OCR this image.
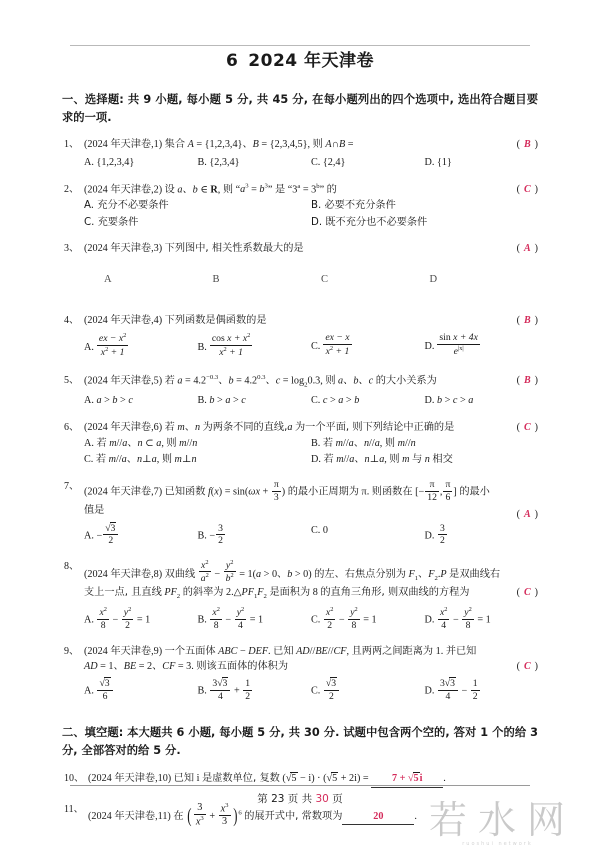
6 2024 年天津卷
一、选择题: 共 9 小题, 每小题 5 分, 共 45 分, 在每小题列出的四个选项中, 选出符合题目要求的一项.
1、 (2024 年天津卷,1) 集合 A = {1,2,3,4}、B = {2,3,4,5}, 则 A∩B =	( B )
A. {1,2,3,4}	B. {2,3,4}	C. {2,4}	D. {1}
2、 (2024 年天津卷,2) 设 a、b ∈ R, 则 “$a^3 = b^3$” 是 “$3^a = 3^b$” 的	( C )
A. 充分不必要条件	B. 必要不充分条件
C. 充要条件	D. 既不充分也不必要条件
3、 (2024 年天津卷,3) 下列图中, 相关性系数最大的是	( A )
A	B	C	D
4、 (2024 年天津卷,4) 下列函数是偶函数的是	( B )
A. $\frac{ex - x^2}{x^2 + 1}$	B. $\frac{\cos x + x^2}{x^2 + 1}$	C. $\frac{ex - x}{x^2 + 1}$	D. $\frac{\text{sin x + 4x}}{e^{|x|}}$
5、 (2024 年天津卷,5) 若 $a = 4.2^{-0.3}$、$b = 4.2^{0.3}$、$c = \log_20.3$, 则 a、b、c 的大小关系为	( B )
A. a > b > c	B. b > a > c	C. c > a > b	D. b > c > a
6、 (2024 年天津卷,6) 若 m、n 为两条不同的直线,a 为一个平面, 则下列结论中正确的是	( C )
A. 若 m//a、n ⊂ a, 则 m//n	B. 若 m//a、n//a, 则 m//n
C. 若 m//a、n⊥a, 则 m⊥n	D. 若 m//a、n⊥a, 则 m 与 n 相交
7、 (2024 年天津卷,7) 已知函数 $f(x) = \sin(\omega x + \frac{\pi}{3}$ ) 的最小正周期为 π. 则函数在 [− $\frac{\pi}{12}$ , $\frac{\pi}{6}$ ] 的最小
值是	( A )
A. − $\frac{√3}{2}$	B. − $\frac{3}{2}$	C. 0	D. $\frac{3}{2}$
8、
(2024 年天津卷,8) 双曲线 $\frac{x^2}{a^2} - \frac{y^2}{b^2} = 1(a > 0$、b > 0) 的左、右焦点分别为 $F_1$、$F_2.P$ 是双曲线右
支上一点, 且直线 $PF_2$ 的斜率为 $2.\triangle PF_1F_2$ 是面积为 8 的直角三角形, 则双曲线的方程为	( C )
A. $\frac{x^2}{8} - \frac{y^2}{2} = 1$	B. $\frac{x^2}{8} - \frac{y^2}{4} = 1$	C. $\frac{x^2}{2} - \frac{y^2}{8} = 1$	D. $\frac{x^2}{4} - \frac{y^2}{8} = 1$
9、 (2024 年天津卷,9) 一个五面体 ABC − DEF. 已知 AD//BE//CF, 且两两之间距离为 1. 并已知
AD = 1、BE = 2、CF = 3. 则该五面体的体积为	( C )
A. $\frac{√3}{6}$	B. $\frac{3√3}{4} + \frac{1}{2}$	C. $\frac{√3}{2}$	D. $\frac{3√3}{4} - \frac{1}{2}$
二、填空题: 本大题共 6 小题, 每小题 5 分, 共 30 分. 试题中包含两个空的, 答对 1 个的给 3 分, 全部答对的给 5 分.
10、 (2024 年天津卷,10) 已知 i 是虚数单位, 复数 (√5 − i) · (√5 + 2i) = 7 + √5i .
11、
(2024 年天津卷,11) 在 ( $\frac{3}{x^3} + \frac{x^3}{3} )^6$ 的展开式中, 常数项为	20	.
第 23 页 共 30 页	若水网
ruoshui network
